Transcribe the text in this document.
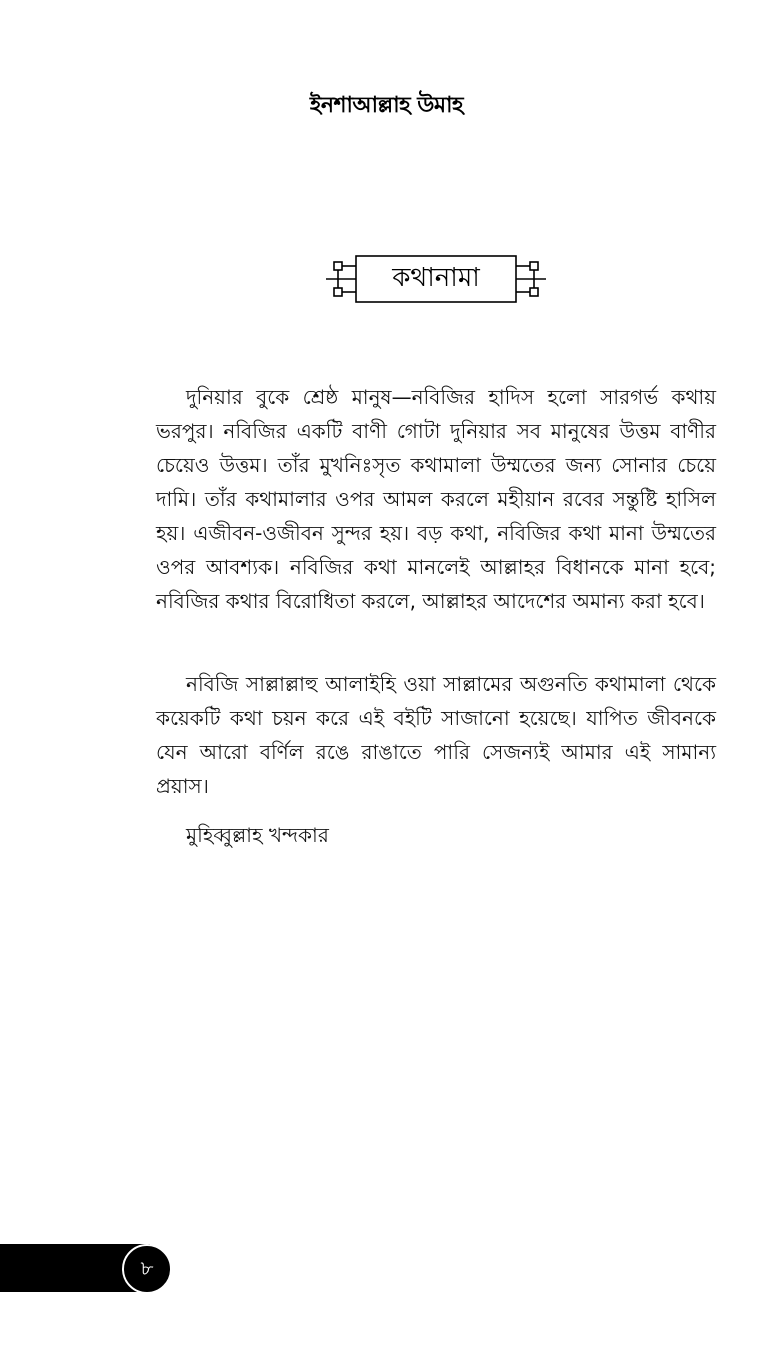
ইনশাআল্লাহ উমাহ
কথানামা

দুনিয়ার বুকে শ্রেষ্ঠ মানুষ—নবিজির হাদিস হলো সারগর্ভ কথায় ভরপুর। নবিজির একটি বাণী গোটা দুনিয়ার সব মানুষের উত্তম বাণীর চেয়েও উত্তম। তাঁর মুখনিঃসৃত কথামালা উম্মতের জন্য সোনার চেয়ে দামি। তাঁর কথামালার ওপর আমল করলে মহীয়ান রবের সন্তুষ্টি হাসিল হয়। এজীবন-ওজীবন সুন্দর হয়। বড় কথা, নবিজির কথা মানা উম্মতের ওপর আবশ্যক। নবিজির কথা মানলেই আল্লাহর বিধানকে মানা হবে; নবিজির কথার বিরোধিতা করলে, আল্লাহর আদেশের অমান্য করা হবে।

নবিজি সাল্লাল্লাহু আলাইহি ওয়া সাল্লামের অগুনতি কথামালা থেকে কয়েকটি কথা চয়ন করে এই বইটি সাজানো হয়েছে। যাপিত জীবনকে যেন আরো বর্ণিল রঙে রাঙাতে পারি সেজন্যই আমার এই সামান্য প্রয়াস।

মুহিব্বুল্লাহ খন্দকার
৮
